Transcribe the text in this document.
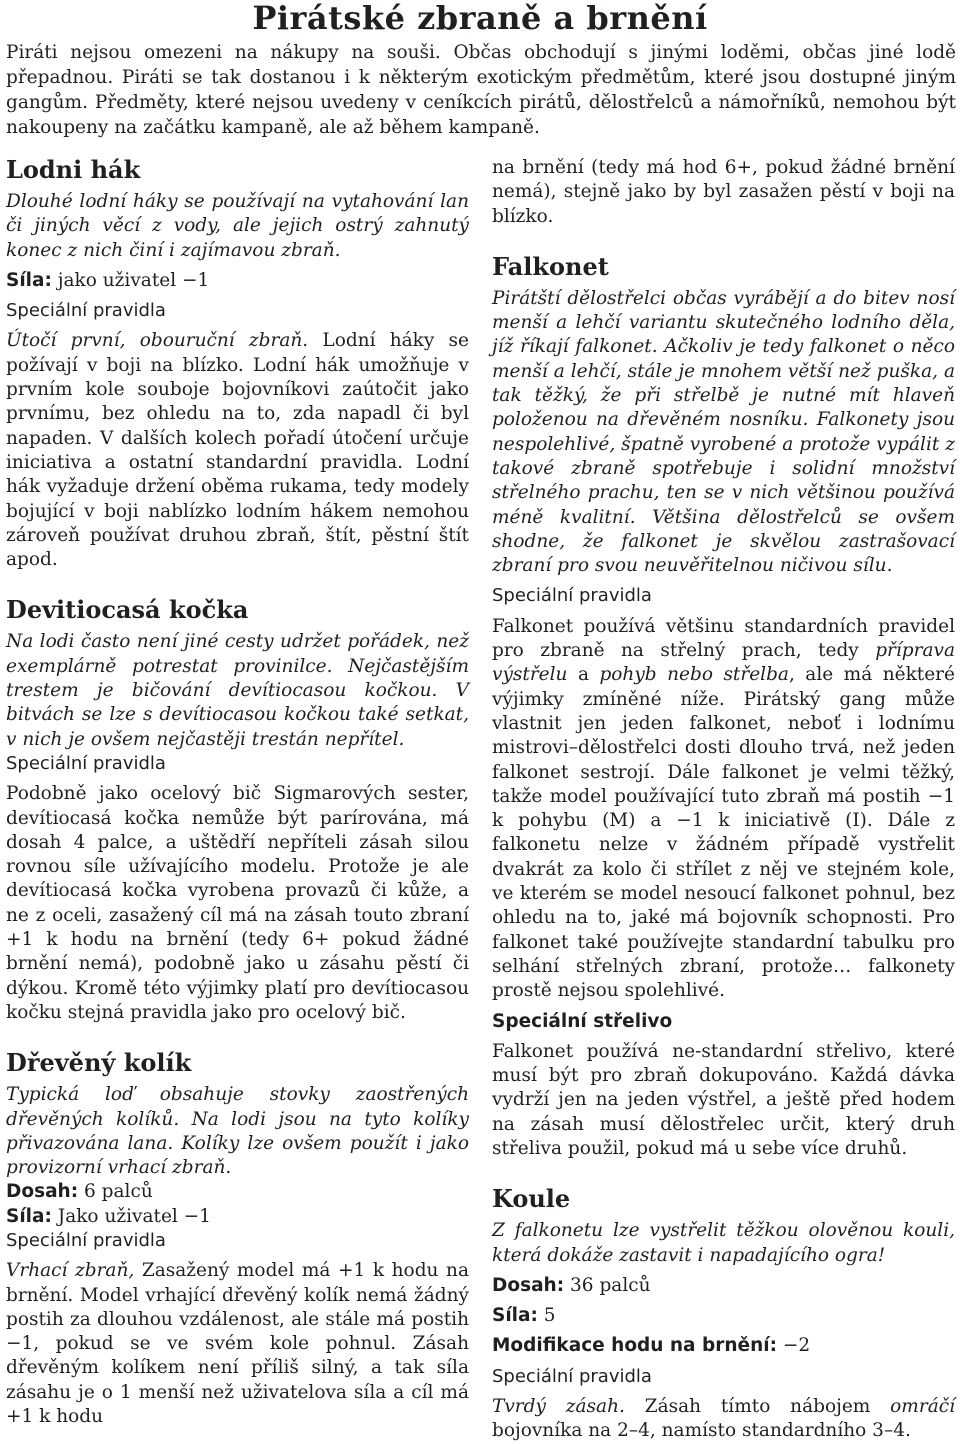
Pirátské zbraně a brnění

Piráti nejsou omezeni na nákupy na souši. Občas obchodují s jinými loděmi, občas jiné lodě přepadnou. Piráti se tak dostanou i k některým exotickým předmětům, které jsou dostupné jiným gangům. Předměty, které nejsou uvedeny v ceníkcích pirátů, dělostřelců a námořníků, nemohou být nakoupeny na začátku kampaně, ale až během kampaně.

Lodni hák

Dlouhé lodní háky se používají na vytahování lan či jiných věcí z vody, ale jejich ostrý zahnutý konec z nich činí i zajímavou zbraň.

Síla: jako uživatel −1

Speciální pravidla

Útočí první, obouruční zbraň. Lodní háky se požívají v boji na blízko. Lodní hák umožňuje v prvním kole souboje bojovníkovi zaútočit jako prvnímu, bez ohledu na to, zda napadl či byl napaden. V dalších kolech pořadí útočení určuje iniciativa a ostatní standardní pravidla. Lodní hák vyžaduje držení oběma rukama, tedy modely bojující v boji nablízko lodním hákem nemohou zároveň používat druhou zbraň, štít, pěstní štít apod.

Devitiocasá kočka

Na lodi často není jiné cesty udržet pořádek, než exemplárně potrestat provinilce. Nejčastějším trestem je bičování devítiocasou kočkou. V bitvách se lze s devítiocasou kočkou také setkat, v nich je ovšem nejčastěji trestán nepřítel.

Speciální pravidla

Podobně jako ocelový bič Sigmarových sester, devítiocasá kočka nemůže být parírována, má dosah 4 palce, a uštědří nepříteli zásah silou rovnou síle užívajícího modelu. Protože je ale devítiocasá kočka vyrobena provazů či kůže, a ne z oceli, zasažený cíl má na zásah touto zbraní +1 k hodu na brnění (tedy 6+ pokud žádné brnění nemá), podobně jako u zásahu pěstí či dýkou. Kromě této výjimky platí pro devítiocasou kočku stejná pravidla jako pro ocelový bič.

Dřevěný kolík

Typická loď obsahuje stovky zaostřených dřevěných kolíků. Na lodi jsou na tyto kolíky přivazována lana. Kolíky lze ovšem použít i jako provizorní vrhací zbraň.

Dosah: 6 palců

Síla: Jako uživatel −1

Speciální pravidla

Vrhací zbraň, Zasažený model má +1 k hodu na brnění. Model vrhající dřevěný kolík nemá žádný postih za dlouhou vzdálenost, ale stále má postih −1, pokud se ve svém kole pohnul. Zásah dřevěným kolíkem není příliš silný, a tak síla zásahu je o 1 menší než uživatelova síla a cíl má +1 k hodu

na brnění (tedy má hod 6+, pokud žádné brnění nemá), stejně jako by byl zasažen pěstí v boji na blízko.

Falkonet

Pirátští dělostřelci občas vyrábějí a do bitev nosí menší a lehčí variantu skutečného lodního děla, jíž říkají falkonet. Ačkoliv je tedy falkonet o něco menší a lehčí, stále je mnohem větší než puška, a tak těžký, že při střelbě je nutné mít hlaveň položenou na dřevěném nosníku. Falkonety jsou nespolehlivé, špatně vyrobené a protože vypálit z takové zbraně spotřebuje i solidní množství střelného prachu, ten se v nich většinou používá méně kvalitní. Většina dělostřelců se ovšem shodne, že falkonet je skvělou zastrašovací zbraní pro svou neuvěřitelnou ničivou sílu.

Speciální pravidla

Falkonet používá většinu standardních pravidel pro zbraně na střelný prach, tedy příprava výstřelu a pohyb nebo střelba, ale má některé výjimky zmíněné níže. Pirátský gang může vlastnit jen jeden falkonet, neboť i lodnímu mistrovi–dělostřelci dosti dlouho trvá, než jeden falkonet sestrojí. Dále falkonet je velmi těžký, takže model používající tuto zbraň má postih −1 k pohybu (M) a −1 k iniciativě (I). Dále z falkonetu nelze v žádném případě vystřelit dvakrát za kolo či střílet z něj ve stejném kole, ve kterém se model nesoucí falkonet pohnul, bez ohledu na to, jaké má bojovník schopnosti. Pro falkonet také používejte standardní tabulku pro selhání střelných zbraní, protože… falkonety prostě nejsou spolehlivé.

Speciální střelivo

Falkonet používá ne-standardní střelivo, které musí být pro zbraň dokupováno. Každá dávka vydrží jen na jeden výstřel, a ještě před hodem na zásah musí dělostřelec určit, který druh střeliva použil, pokud má u sebe více druhů.

Koule

Z falkonetu lze vystřelit těžkou olověnou kouli, která dokáže zastavit i napadajícího ogra!

Dosah: 36 palců

Síla: 5

Modifikace hodu na brnění: −2

Speciální pravidla

Tvrdý zásah. Zásah tímto nábojem omráčí bojovníka na 2–4, namísto standardního 3–4.
